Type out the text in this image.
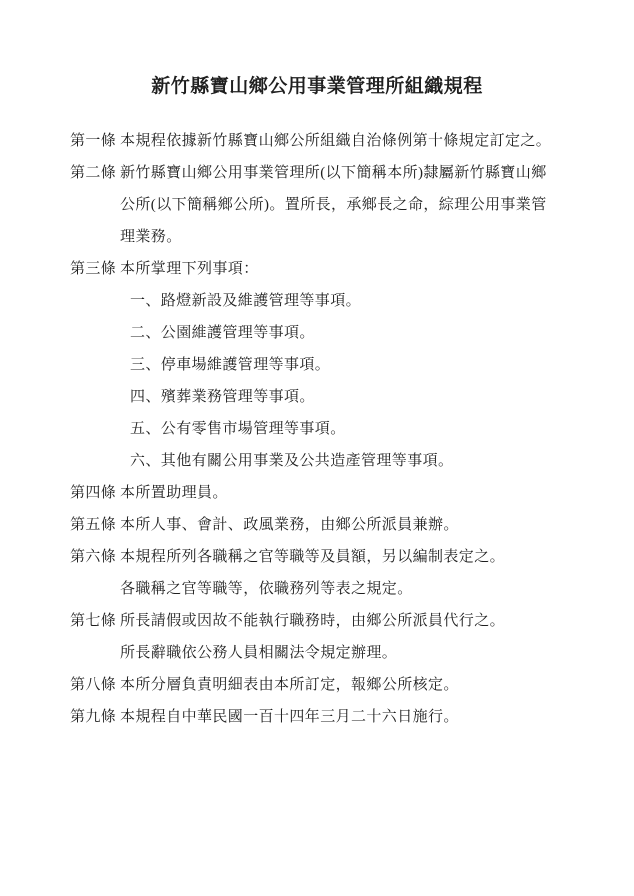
新竹縣寶山鄉公用事業管理所組織規程
第一條 本規程依據新竹縣寶山鄉公所組織自治條例第十條規定訂定之。
第二條 新竹縣寶山鄉公用事業管理所(以下簡稱本所)隸屬新竹縣寶山鄉
公所(以下簡稱鄉公所)。置所長，承鄉長之命，綜理公用事業管
理業務。
第三條 本所掌理下列事項：
一、路燈新設及維護管理等事項。
二、公園維護管理等事項。
三、停車場維護管理等事項。
四、殯葬業務管理等事項。
五、公有零售市場管理等事項。
六、其他有關公用事業及公共造產管理等事項。
第四條 本所置助理員。
第五條 本所人事、會計、政風業務，由鄉公所派員兼辦。
第六條 本規程所列各職稱之官等職等及員額，另以編制表定之。
各職稱之官等職等，依職務列等表之規定。
第七條 所長請假或因故不能執行職務時，由鄉公所派員代行之。
所長辭職依公務人員相關法令規定辦理。
第八條 本所分層負責明細表由本所訂定，報鄉公所核定。
第九條 本規程自中華民國一百十四年三月二十六日施行。
